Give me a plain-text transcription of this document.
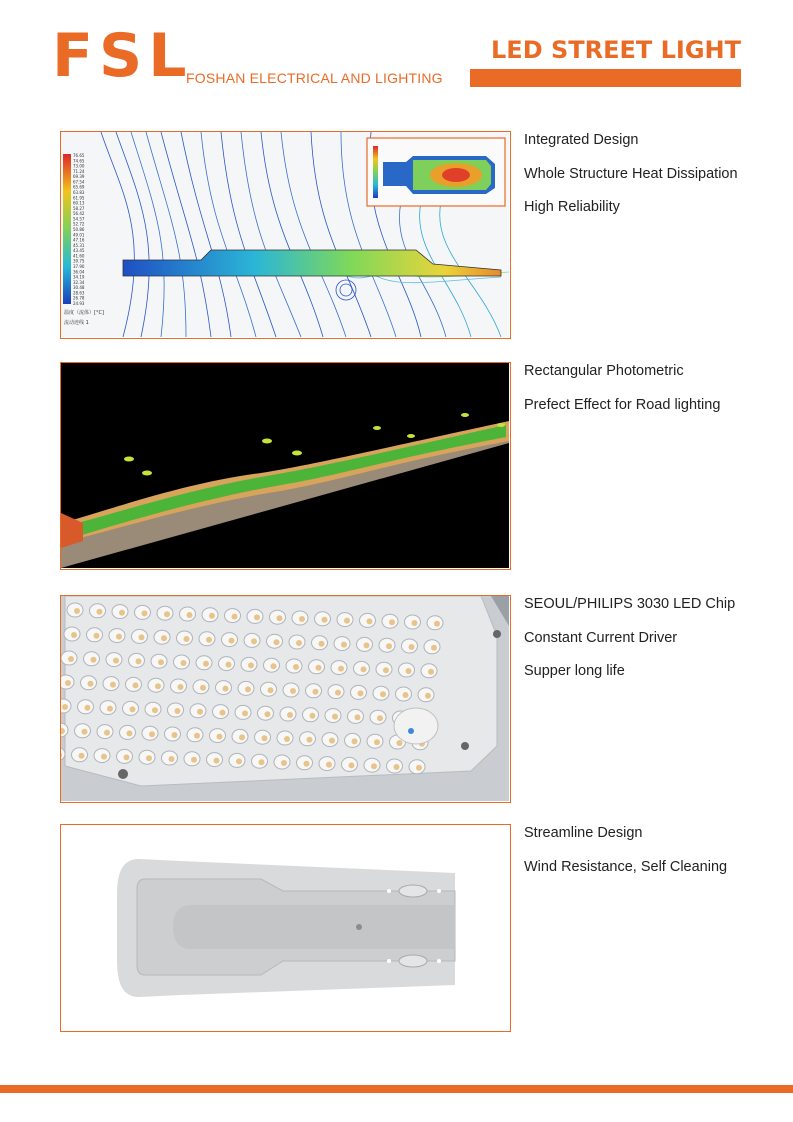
FSL
FOSHAN ELECTRICAL AND LIGHTING
LED STREET LIGHT
76.65
74.65
73.00
71.24
69.39
67.54
65.69
63.83
61.95
60.13
58.27
56.42
54.57
52.72
50.86
49.01
47.16
45.31
43.45
41.60
39.75
37.90
36.04
34.19
32.34
30.48
28.63
26.78
24.93
温度（流体）[°C]
流动迹线 1
Integrated Design
Whole Structure Heat Dissipation
High Reliability
Rectangular Photometric
Prefect Effect for Road lighting
SEOUL/PHILIPS 3030 LED Chip
Constant Current Driver
Supper long life
Streamline Design
Wind Resistance, Self Cleaning
